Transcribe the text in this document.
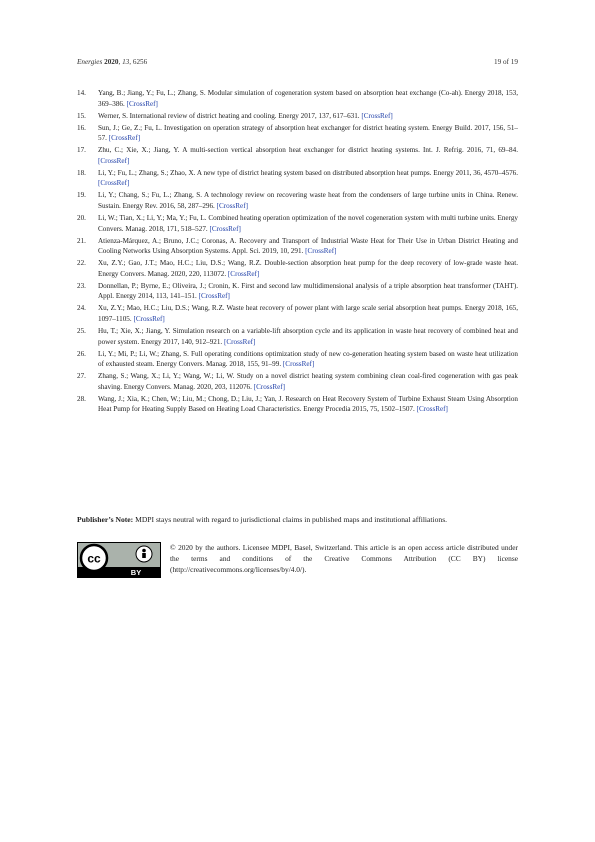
Energies 2020, 13, 6256	19 of 19
14.	Yang, B.; Jiang, Y.; Fu, L.; Zhang, S. Modular simulation of cogeneration system based on absorption heat exchange (Co-ah). Energy 2018, 153, 369–386. [CrossRef]
15.	Werner, S. International review of district heating and cooling. Energy 2017, 137, 617–631. [CrossRef]
16.	Sun, J.; Ge, Z.; Fu, L. Investigation on operation strategy of absorption heat exchanger for district heating system. Energy Build. 2017, 156, 51–57. [CrossRef]
17.	Zhu, C.; Xie, X.; Jiang, Y. A multi-section vertical absorption heat exchanger for district heating systems. Int. J. Refrig. 2016, 71, 69–84. [CrossRef]
18.	Li, Y.; Fu, L.; Zhang, S.; Zhao, X. A new type of district heating system based on distributed absorption heat pumps. Energy 2011, 36, 4570–4576. [CrossRef]
19.	Li, Y.; Chang, S.; Fu, L.; Zhang, S. A technology review on recovering waste heat from the condensers of large turbine units in China. Renew. Sustain. Energy Rev. 2016, 58, 287–296. [CrossRef]
20.	Li, W.; Tian, X.; Li, Y.; Ma, Y.; Fu, L. Combined heating operation optimization of the novel cogeneration system with multi turbine units. Energy Convers. Manag. 2018, 171, 518–527. [CrossRef]
21.	Atienza-Márquez, A.; Bruno, J.C.; Coronas, A. Recovery and Transport of Industrial Waste Heat for Their Use in Urban District Heating and Cooling Networks Using Absorption Systems. Appl. Sci. 2019, 10, 291. [CrossRef]
22.	Xu, Z.Y.; Gao, J.T.; Mao, H.C.; Liu, D.S.; Wang, R.Z. Double-section absorption heat pump for the deep recovery of low-grade waste heat. Energy Convers. Manag. 2020, 220, 113072. [CrossRef]
23.	Donnellan, P.; Byrne, E.; Oliveira, J.; Cronin, K. First and second law multidimensional analysis of a triple absorption heat transformer (TAHT). Appl. Energy 2014, 113, 141–151. [CrossRef]
24.	Xu, Z.Y.; Mao, H.C.; Liu, D.S.; Wang, R.Z. Waste heat recovery of power plant with large scale serial absorption heat pumps. Energy 2018, 165, 1097–1105. [CrossRef]
25.	Hu, T.; Xie, X.; Jiang, Y. Simulation research on a variable-lift absorption cycle and its application in waste heat recovery of combined heat and power system. Energy 2017, 140, 912–921. [CrossRef]
26.	Li, Y.; Mi, P.; Li, W.; Zhang, S. Full operating conditions optimization study of new co-generation heating system based on waste heat utilization of exhausted steam. Energy Convers. Manag. 2018, 155, 91–99. [CrossRef]
27.	Zhang, S.; Wang, X.; Li, Y.; Wang, W.; Li, W. Study on a novel district heating system combining clean coal-fired cogeneration with gas peak shaving. Energy Convers. Manag. 2020, 203, 112076. [CrossRef]
28.	Wang, J.; Xia, K.; Chen, W.; Liu, M.; Chong, D.; Liu, J.; Yan, J. Research on Heat Recovery System of Turbine Exhaust Steam Using Absorption Heat Pump for Heating Supply Based on Heating Load Characteristics. Energy Procedia 2015, 75, 1502–1507. [CrossRef]
Publisher’s Note: MDPI stays neutral with regard to jurisdictional claims in published maps and institutional affiliations.
cc
BY
© 2020 by the authors. Licensee MDPI, Basel, Switzerland. This article is an open access article distributed under the terms and conditions of the Creative Commons Attribution (CC BY) license (http://creativecommons.org/licenses/by/4.0/).
